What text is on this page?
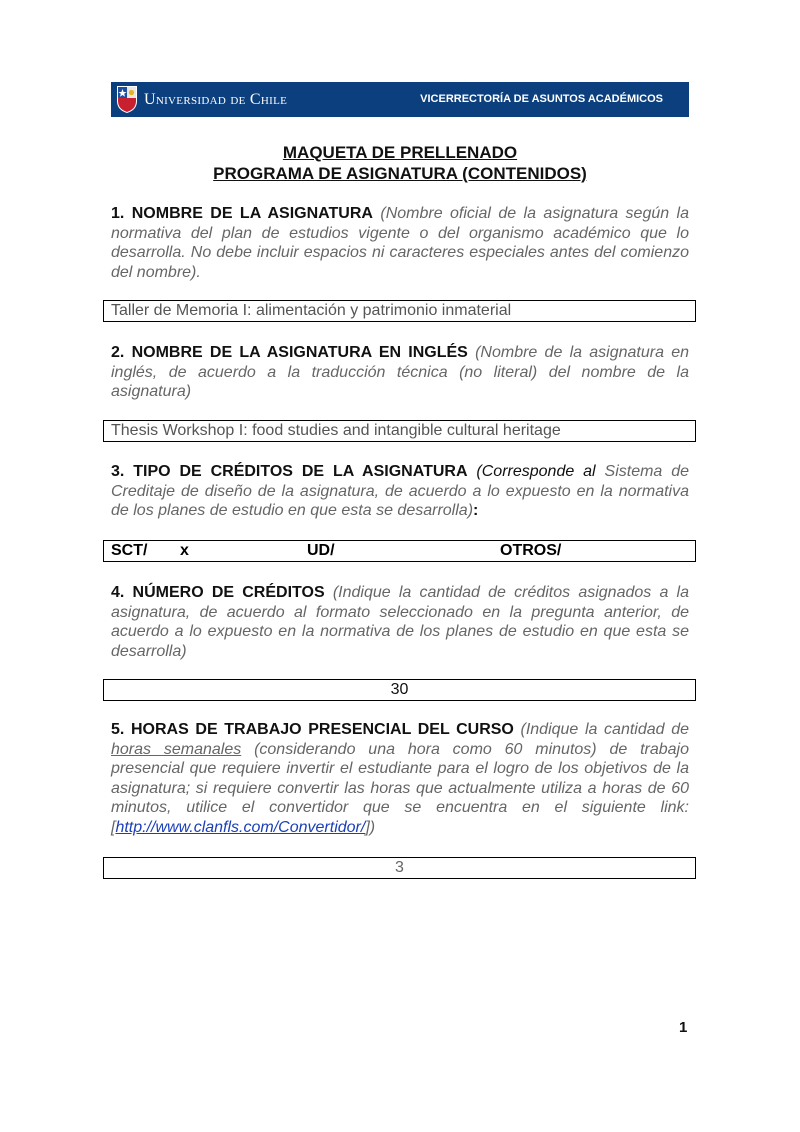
Universidad de Chile	VICERRECTORÍA DE ASUNTOS ACADÉMICOS
MAQUETA DE PRELLENADO
PROGRAMA DE ASIGNATURA (CONTENIDOS)
1. NOMBRE DE LA ASIGNATURA (Nombre oficial de la asignatura según la normativa del plan de estudios vigente o del organismo académico que lo desarrolla. No debe incluir espacios ni caracteres especiales antes del comienzo del nombre).
Taller de Memoria I: alimentación y patrimonio inmaterial
2. NOMBRE DE LA ASIGNATURA EN INGLÉS (Nombre de la asignatura en inglés, de acuerdo a la traducción técnica (no literal) del nombre de la asignatura)
Thesis Workshop I: food studies and intangible cultural heritage
3. TIPO DE CRÉDITOS DE LA ASIGNATURA (Corresponde al Sistema de Creditaje de diseño de la asignatura, de acuerdo a lo expuesto en la normativa de los planes de estudio en que esta se desarrolla):
SCT/ x	UD/	OTROS/
4. NÚMERO DE CRÉDITOS (Indique la cantidad de créditos asignados a la asignatura, de acuerdo al formato seleccionado en la pregunta anterior, de acuerdo a lo expuesto en la normativa de los planes de estudio en que esta se desarrolla)
30
5. HORAS DE TRABAJO PRESENCIAL DEL CURSO (Indique la cantidad de horas semanales (considerando una hora como 60 minutos) de trabajo presencial que requiere invertir el estudiante para el logro de los objetivos de la asignatura; si requiere convertir las horas que actualmente utiliza a horas de 60 minutos, utilice el convertidor que se encuentra en el siguiente link: [http://www.clanfls.com/Convertidor/])
3
1
